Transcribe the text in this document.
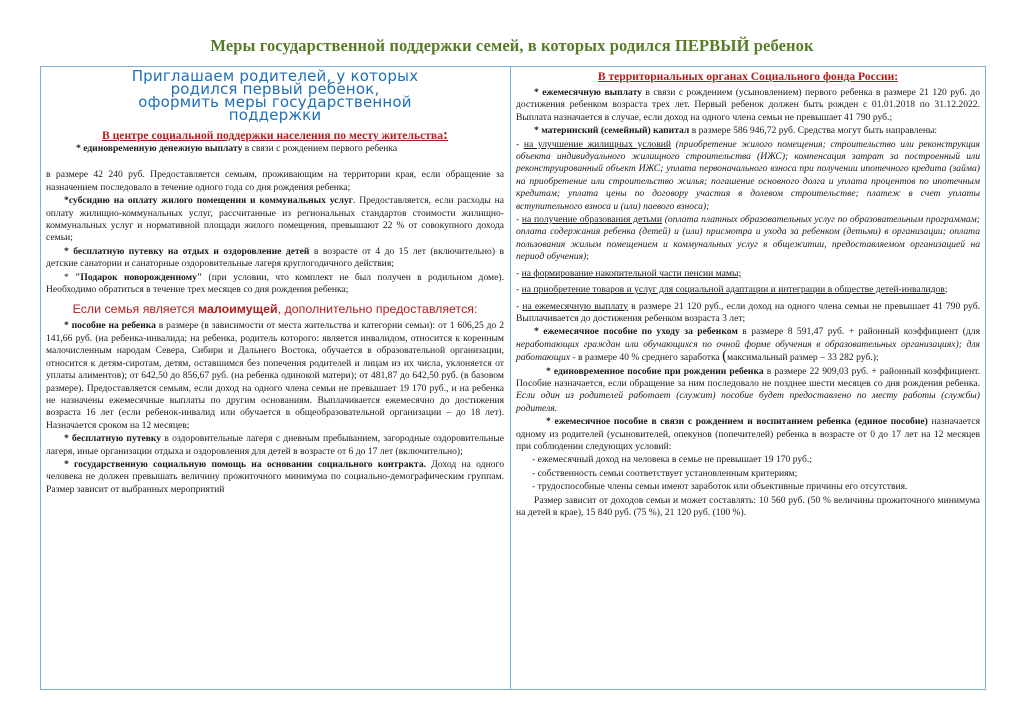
Меры государственной поддержки семей, в которых родился ПЕРВЫЙ ребенок
Приглашаем родителей, у которых
родился первый ребенок,
оформить меры государственной
поддержки
В центре социальной поддержки населения по месту жительства:

* единовременную денежную выплату в связи с рождением первого ребенка

в размере 42 240 руб. Предоставляется семьям, проживающим на территории края, если обращение за назначением последовало в течение одного года со дня рождения ребенка;

*субсидию на оплату жилого помещения и коммунальных услуг. Предоставляется, если расходы на оплату жилищно-коммунальных услуг, рассчитанные из региональных стандартов стоимости жилищно-коммунальных услуг и нормативной площади жилого помещения, превышают 22 % от совокупного дохода семьи;

* бесплатную путевку на отдых и оздоровление детей в возрасте от 4 до 15 лет (включительно) в детские санатории и санаторные оздоровительные лагеря круглогодичного действия;

* "Подарок новорожденному" (при условии, что комплект не был получен в родильном доме). Необходимо обратиться в течение трех месяцев со дня рождения ребенка;

Если семья является малоимущей, дополнительно предоставляется:

* пособие на ребенка в размере (в зависимости от места жительства и категории семьи): от 1 606,25 до 2 141,66 руб. (на ребенка-инвалида; на ребенка, родитель которого: является инвалидом, относится к коренным малочисленным народам Севера, Сибири и Дальнего Востока, обучается в образовательной организации, относится к детям-сиротам, детям, оставшимся без попечения родителей и лицам из их числа, уклоняется от уплаты алиментов); от 642,50 до 856,67 руб. (на ребенка одинокой матери); от 481,87 до 642,50 руб. (в базовом размере). Предоставляется семьям, если доход на одного члена семьи не превышает 19 170 руб., и на ребенка не назначены ежемесячные выплаты по другим основаниям. Выплачивается ежемесячно до достижения возраста 16 лет (если ребенок-инвалид или обучается в общеобразовательной организации – до 18 лет). Назначается сроком на 12 месяцев;

* бесплатную путевку в оздоровительные лагеря с дневным пребыванием, загородные оздоровительные лагеря, иные организации отдыха и оздоровления для детей в возрасте от 6 до 17 лет (включительно);

* государственную социальную помощь на основании социального контракта. Доход на одного человека не должен превышать величину прожиточного минимума по социально-демографическим группам. Размер зависит от выбранных мероприятий

В территориальных органах Социального фонда России:

* ежемесячную выплату в связи с рождением (усыновлением) первого ребенка в размере 21 120 руб. до достижения ребенком возраста трех лет. Первый ребенок должен быть рожден с 01.01.2018 по 31.12.2022. Выплата назначается в случае, если доход на одного члена семьи не превышает 41 790 руб.;

* материнский (семейный) капитал в размере 586 946,72 руб. Средства могут быть направлены:

- на улучшение жилищных условий (приобретение жилого помещения; строительство или реконструкция объекта индивидуального жилищного строительства (ИЖС); компенсация затрат за построенный или реконструированный объект ИЖС; уплата первоначального взноса при получении ипотечного кредита (займа) на приобретение или строительство жилья; погашение основного долга и уплата процентов по ипотечным кредитам; уплата цены по договору участия в долевом строительстве; платеж в счет уплаты вступительного взноса и (или) паевого взноса);

- на получение образования детьми (оплата платных образовательных услуг по образовательным программам; оплата содержания ребенка (детей) и (или) присмотра и ухода за ребенком (детьми) в организации; оплата пользования жилым помещением и коммунальных услуг в общежитии, предоставляемом организацией на период обучения);

- на формирование накопительной части пенсии мамы;

- на приобретение товаров и услуг для социальной адаптации и интеграции в обществе детей-инвалидов;

- на ежемесячную выплату в размере 21 120 руб., если доход на одного члена семьи не превышает 41 790 руб. Выплачивается до достижения ребенком возраста 3 лет;

* ежемесячное пособие по уходу за ребенком в размере 8 591,47 руб. + районный коэффициент (для неработающих граждан или обучающихся по очной форме обучения в образовательных организациях); для работающих - в размере 40 % среднего заработка (максимальный размер – 33 282 руб.);

* единовременное пособие при рождении ребенка в размере 22 909,03 руб. + районный коэффициент. Пособие назначается, если обращение за ним последовало не позднее шести месяцев со дня рождения ребенка. Если один из родителей работает (служит) пособие будет предоставлено по месту работы (службы) родителя.

* ежемесячное пособие в связи с рождением и воспитанием ребенка (единое пособие) назначается одному из родителей (усыновителей, опекунов (попечителей) ребенка в возрасте от 0 до 17 лет на 12 месяцев при соблюдении следующих условий:

- ежемесячный доход на человека в семье не превышает 19 170 руб.;

- собственность семьи соответствует установленным критериям;

- трудоспособные члены семьи имеют заработок или объективные причины его отсутствия.

Размер зависит от доходов семьи и может составлять: 10 560 руб. (50 % величины прожиточного минимума на детей в крае), 15 840 руб. (75 %), 21 120 руб. (100 %).
